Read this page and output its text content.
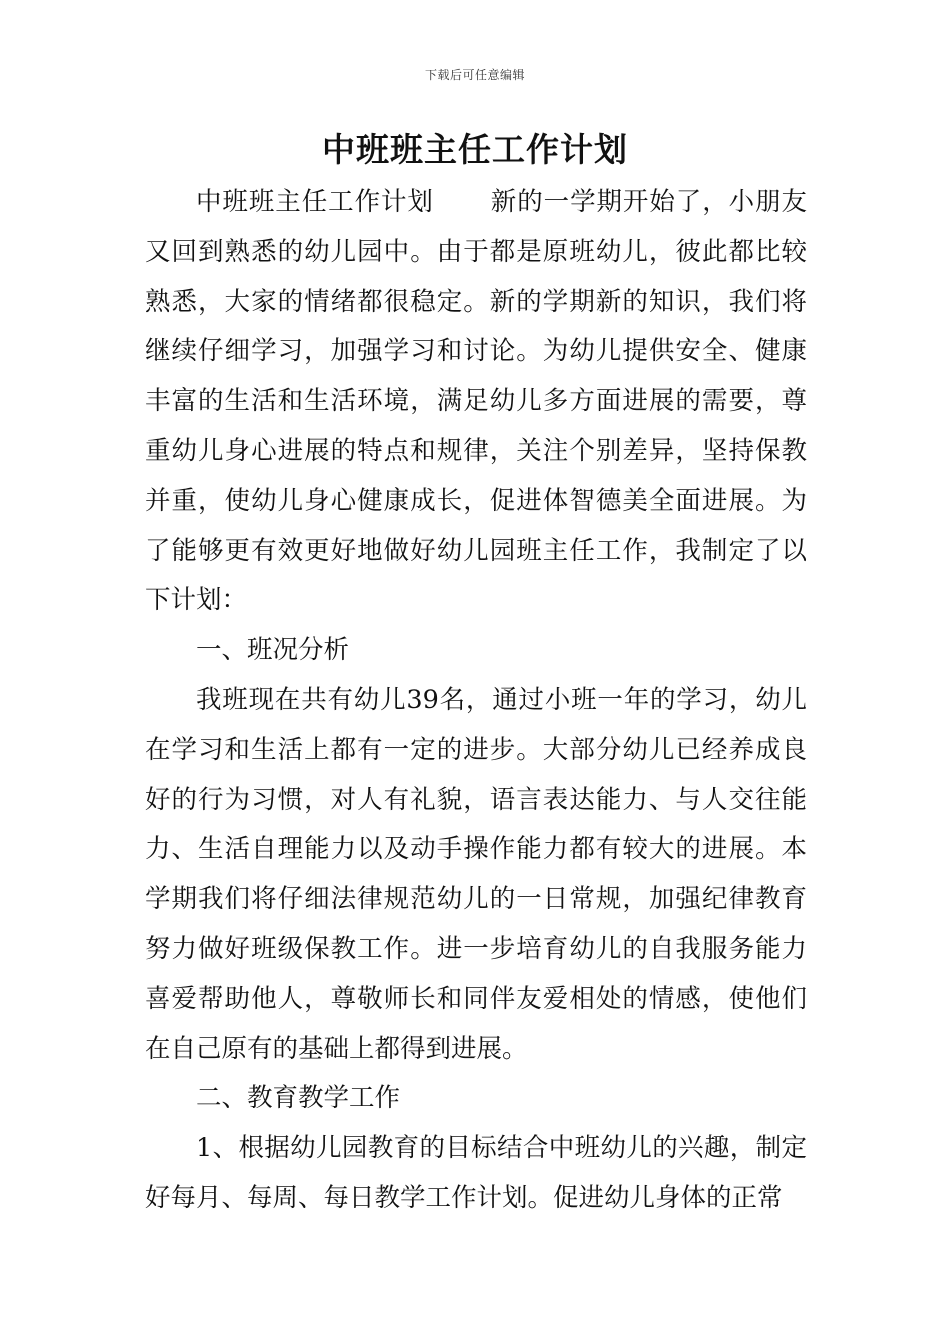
下载后可任意编辑
中班班主任工作计划

中班班主任工作计划 新的一学期开始了，小朋友又回到熟悉的幼儿园中。由于都是原班幼儿，彼此都比较熟悉，大家的情绪都很稳定。新的学期新的知识，我们将继续仔细学习，加强学习和讨论。为幼儿提供安全、健康丰富的生活和生活环境，满足幼儿多方面进展的需要，尊重幼儿身心进展的特点和规律，关注个别差异，坚持保教并重，使幼儿身心健康成长，促进体智德美全面进展。为了能够更有效更好地做好幼儿园班主任工作，我制定了以下计划：

一、班况分析

我班现在共有幼儿39名，通过小班一年的学习，幼儿在学习和生活上都有一定的进步。大部分幼儿已经养成良好的行为习惯，对人有礼貌，语言表达能力、与人交往能力、生活自理能力以及动手操作能力都有较大的进展。本学期我们将仔细法律规范幼儿的一日常规，加强纪律教育努力做好班级保教工作。进一步培育幼儿的自我服务能力喜爱帮助他人，尊敬师长和同伴友爱相处的情感，使他们在自己原有的基础上都得到进展。

二、教育教学工作

1、根据幼儿园教育的目标结合中班幼儿的兴趣，制定好每月、每周、每日教学工作计划。促进幼儿身体的正常
